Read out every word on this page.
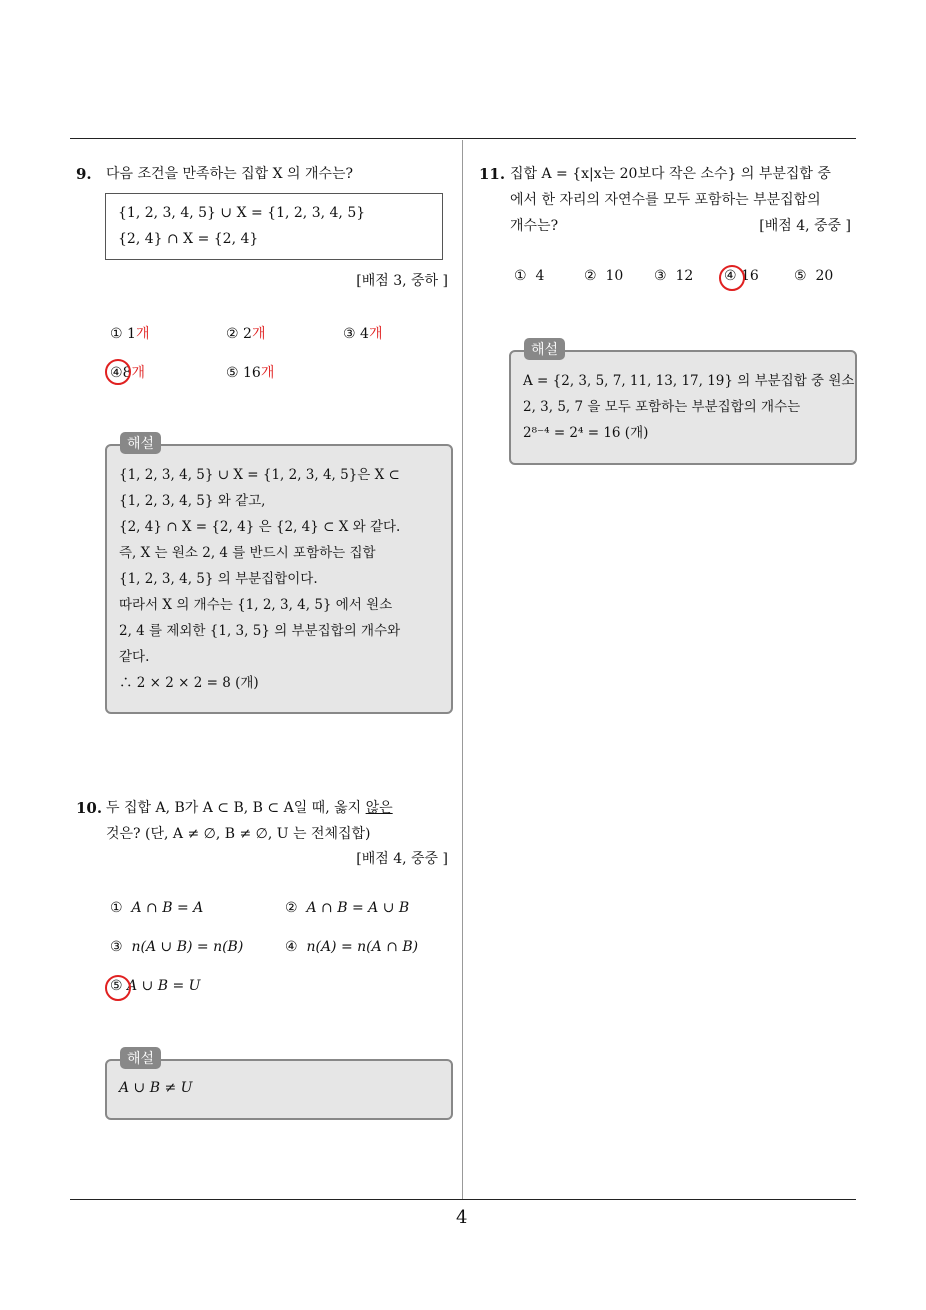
4
9. 다음 조건을 만족하는 집합 X 의 개수는?
{1, 2, 3, 4, 5} ∪ X = {1, 2, 3, 4, 5}
{2, 4} ∩ X = {2, 4}
[배점 3, 중하 ]
① 1개	② 2개	③ 4개
④8개	⑤ 16개
{1, 2, 3, 4, 5} ∪ X = {1, 2, 3, 4, 5}은 X ⊂
{1, 2, 3, 4, 5} 와 같고,
{2, 4} ∩ X = {2, 4} 은 {2, 4} ⊂ X 와 같다.
즉, X 는 원소 2, 4 를 반드시 포함하는 집합
{1, 2, 3, 4, 5} 의 부분집합이다.
따라서 X 의 개수는 {1, 2, 3, 4, 5} 에서 원소
2, 4 를 제외한 {1, 3, 5} 의 부분집합의 개수와
같다.
∴ 2 × 2 × 2 = 8 (개)
해설
10. 두 집합 A, B가 A ⊂ B, B ⊂ A일 때, 옳지 않은
것은? (단, A ≠ ∅, B ≠ ∅, U 는 전체집합)
[배점 4, 중중 ]
① A ∩ B = A	② A ∩ B = A ∪ B
③ n(A ∪ B) = n(B)	④ n(A) = n(A ∩ B)
⑤ A ∪ B = U
A ∪ B ≠ U
해설
11. 집합 A = {x|x는 20보다 작은 소수} 의 부분집합 중
에서 한 자리의 자연수를 모두 포함하는 부분집합의
개수는?	[배점 4, 중중 ]
① 4	② 10 ③ 12 ④ 16	⑤ 20
A = {2, 3, 5, 7, 11, 13, 17, 19} 의 부분집합 중 원소
2, 3, 5, 7 을 모두 포함하는 부분집합의 개수는
2⁸⁻⁴ = 2⁴ = 16 (개)
해설
